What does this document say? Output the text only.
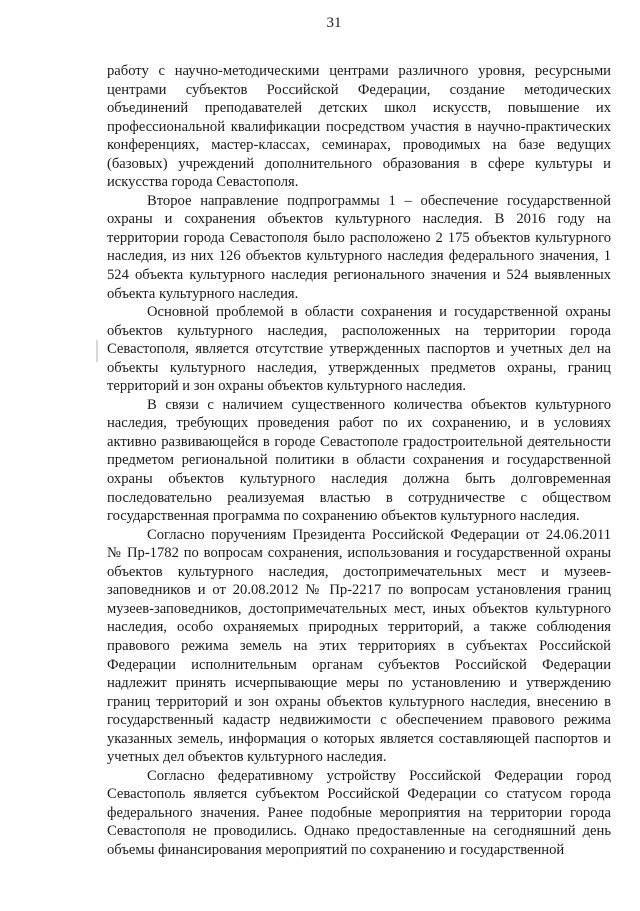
31

работу с научно-методическими центрами различного уровня, ресурсными центрами субъектов Российской Федерации, создание методических объединений преподавателей детских школ искусств, повышение их профессиональной квалификации посредством участия в научно-практических конференциях, мастер-классах, семинарах, проводимых на базе ведущих (базовых) учреждений дополнительного образования в сфере культуры и искусства города Севастополя.

Второе направление подпрограммы 1 – обеспечение государственной охраны и сохранения объектов культурного наследия. В 2016 году на территории города Севастополя было расположено 2 175 объектов культурного наследия, из них 126 объектов культурного наследия федерального значения, 1 524 объекта культурного наследия регионального значения и 524 выявленных объекта культурного наследия.

Основной проблемой в области сохранения и государственной охраны объектов культурного наследия, расположенных на территории города Севастополя, является отсутствие утвержденных паспортов и учетных дел на объекты культурного наследия, утвержденных предметов охраны, границ территорий и зон охраны объектов культурного наследия.

В связи с наличием существенного количества объектов культурного наследия, требующих проведения работ по их сохранению, и в условиях активно развивающейся в городе Севастополе градостроительной деятельности предметом региональной политики в области сохранения и государственной охраны объектов культурного наследия должна быть долговременная последовательно реализуемая властью в сотрудничестве с обществом государственная программа по сохранению объектов культурного наследия.

Согласно поручениям Президента Российской Федерации от 24.06.2011 № Пр-1782 по вопросам сохранения, использования и государственной охраны объектов культурного наследия, достопримечательных мест и музеев-заповедников и от 20.08.2012 № Пр-2217 по вопросам установления границ музеев-заповедников, достопримечательных мест, иных объектов культурного наследия, особо охраняемых природных территорий, а также соблюдения правового режима земель на этих территориях в субъектах Российской Федерации исполнительным органам субъектов Российской Федерации надлежит принять исчерпывающие меры по установлению и утверждению границ территорий и зон охраны объектов культурного наследия, внесению в государственный кадастр недвижимости с обеспечением правового режима указанных земель, информация о которых является составляющей паспортов и учетных дел объектов культурного наследия.

Согласно федеративному устройству Российской Федерации город Севастополь является субъектом Российской Федерации со статусом города федерального значения. Ранее подобные мероприятия на территории города Севастополя не проводились. Однако предоставленные на сегодняшний день объемы финансирования мероприятий по сохранению и государственной
